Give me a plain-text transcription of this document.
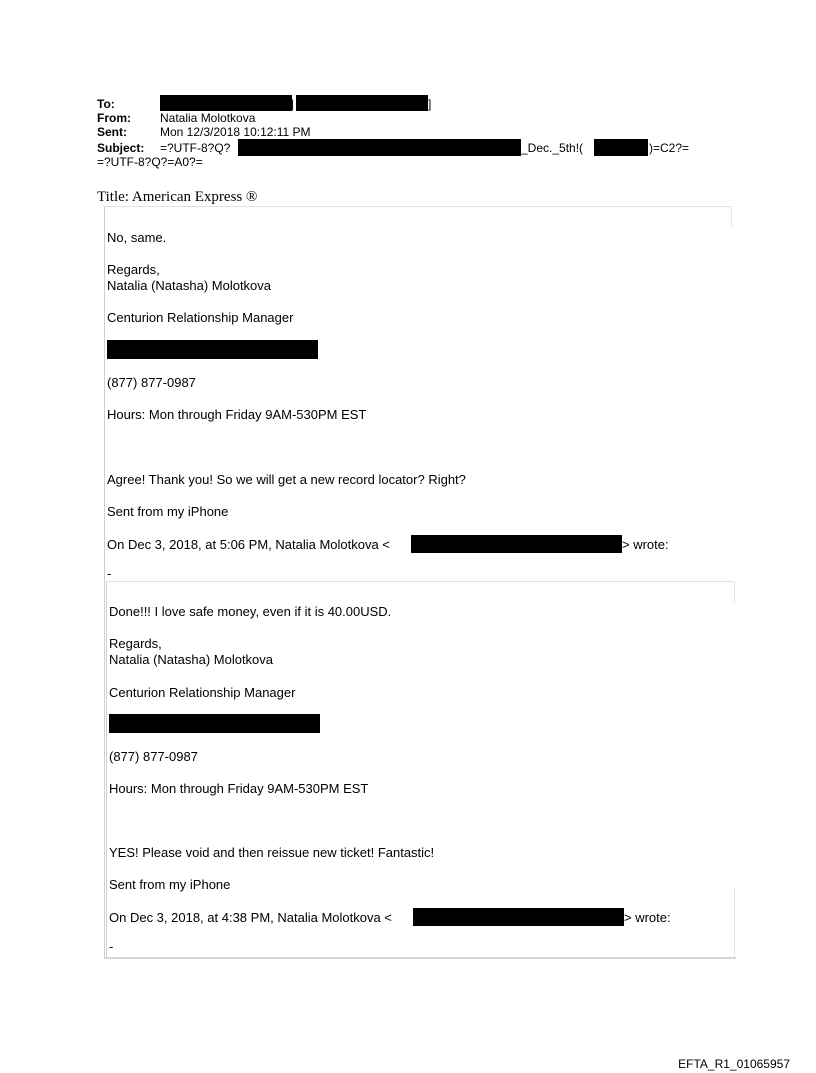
To:	|	]
From: Natalia Molotkova
Sent:	Mon 12/3/2018 10:12:11 PM
Subject: =?UTF-8?Q?	_Dec._5th!(	)=C2?=
=?UTF-8?Q?=A0?=
Title: American Express ®
No, same.
Regards,
Natalia (Natasha) Molotkova
Centurion Relationship Manager
(877) 877-0987
Hours: Mon through Friday 9AM-530PM EST
Agree! Thank you! So we will get a new record locator? Right?
Sent from my iPhone
On Dec 3, 2018, at 5:06 PM, Natalia Molotkova <	> wrote:
-
Done!!! I love safe money, even if it is 40.00USD.
Regards,
Natalia (Natasha) Molotkova
Centurion Relationship Manager
(877) 877-0987
Hours: Mon through Friday 9AM-530PM EST
YES! Please void and then reissue new ticket! Fantastic!
Sent from my iPhone
On Dec 3, 2018, at 4:38 PM, Natalia Molotkova <	> wrote:
-
EFTA_R1_01065957
